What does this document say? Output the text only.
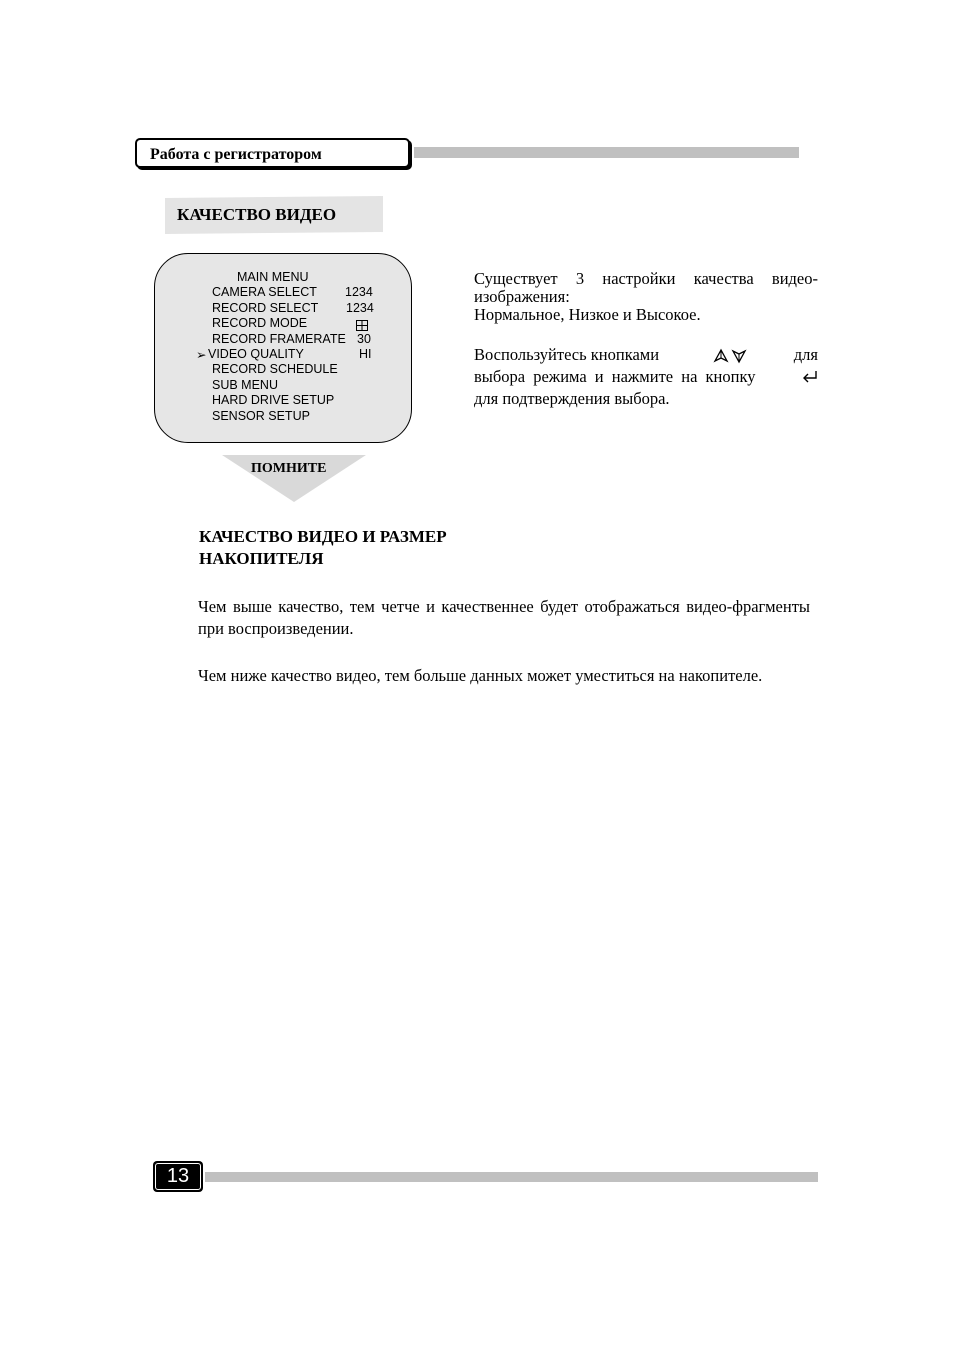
Работа с регистратором
КАЧЕСТВО ВИДЕО
MAIN MENU
CAMERA SELECT 1234
RECORD SELECT 1234
RECORD MODE
RECORD FRAMERATE 30
➢ VIDEO QUALITY	HI
RECORD SCHEDULE
SUB MENU
HARD DRIVE SETUP
SENSOR SETUP
ПОМНИТЕ
Существует 3 настройки качества видео-
изображения:
Нормальное, Низкое и Высокое.
Воспользуйтесь кнопками	для
выбора режима и нажмите на кнопку
для подтверждения выбора.
КАЧЕСТВО ВИДЕО И РАЗМЕР
НАКОПИТЕЛЯ
Чем выше качество, тем четче и качественнее будет отображаться видео-фрагменты при воспроизведении.
Чем ниже качество видео, тем больше данных может уместиться на накопителе.
13
